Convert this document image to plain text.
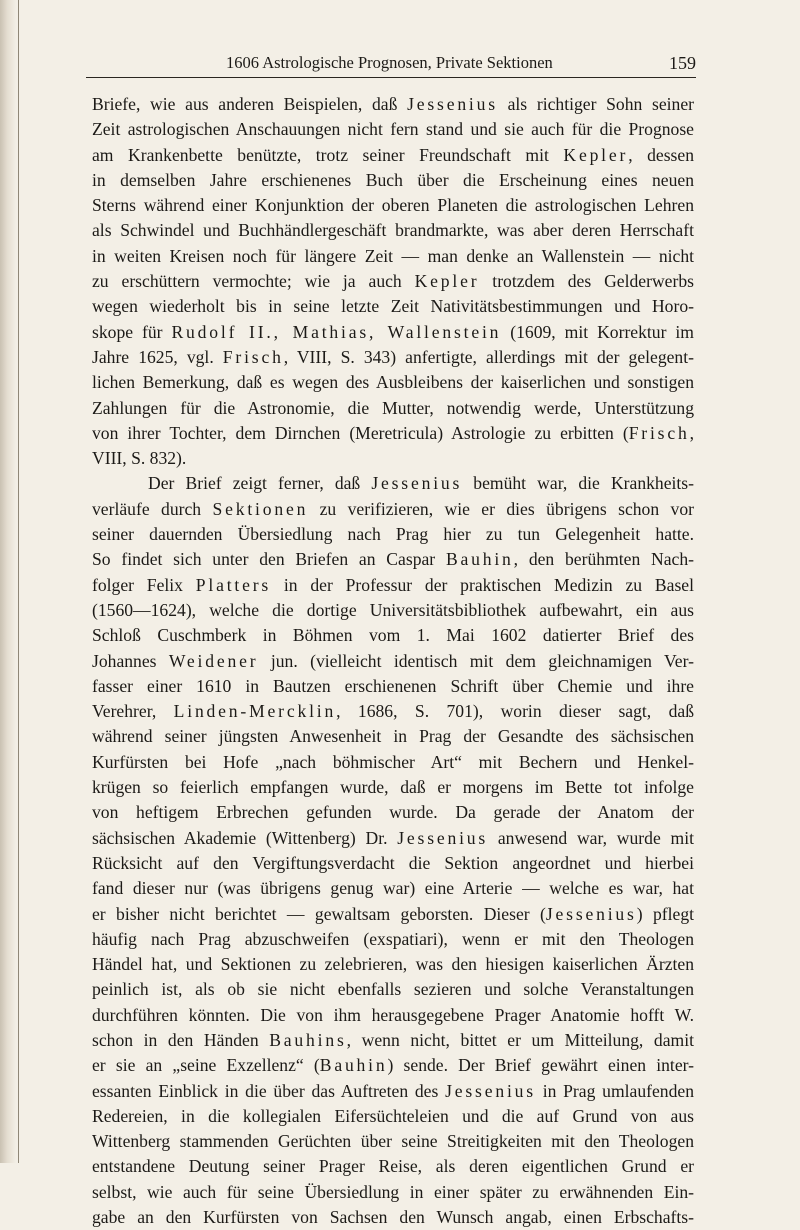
1606 Astrologische Prognosen, Private Sektionen	159
Briefe, wie aus anderen Beispielen, daß Jessenius als richtiger Sohn seiner
Zeit astrologischen Anschauungen nicht fern stand und sie auch für die Prognose
am Krankenbette benützte, trotz seiner Freundschaft mit Kepler, dessen
in demselben Jahre erschienenes Buch über die Erscheinung eines neuen
Sterns während einer Konjunktion der oberen Planeten die astrologischen Lehren
als Schwindel und Buchhändlergeschäft brandmarkte, was aber deren Herrschaft
in weiten Kreisen noch für längere Zeit — man denke an Wallenstein — nicht
zu erschüttern vermochte; wie ja auch Kepler trotzdem des Gelderwerbs
wegen wiederholt bis in seine letzte Zeit Nativitätsbestimmungen und Horo-
skope für Rudolf II., Mathias, Wallenstein (1609, mit Korrektur im
Jahre 1625, vgl. Frisch, VIII, S. 343) anfertigte, allerdings mit der gelegent-
lichen Bemerkung, daß es wegen des Ausbleibens der kaiserlichen und sonstigen
Zahlungen für die Astronomie, die Mutter, notwendig werde, Unterstützung
von ihrer Tochter, dem Dirnchen (Meretricula) Astrologie zu erbitten (Frisch,
VIII, S. 832).
Der Brief zeigt ferner, daß Jessenius bemüht war, die Krankheits-
verläufe durch Sektionen zu verifizieren, wie er dies übrigens schon vor
seiner dauernden Übersiedlung nach Prag hier zu tun Gelegenheit hatte.
So findet sich unter den Briefen an Caspar Bauhin, den berühmten Nach-
folger Felix Platters in der Professur der praktischen Medizin zu Basel
(1560—1624), welche die dortige Universitätsbibliothek aufbewahrt, ein aus
Schloß Cuschmberk in Böhmen vom 1. Mai 1602 datierter Brief des
Johannes Weidener jun. (vielleicht identisch mit dem gleichnamigen Ver-
fasser einer 1610 in Bautzen erschienenen Schrift über Chemie und ihre
Verehrer, Linden-Mercklin, 1686, S. 701), worin dieser sagt, daß
während seiner jüngsten Anwesenheit in Prag der Gesandte des sächsischen
Kurfürsten bei Hofe „nach böhmischer Art“ mit Bechern und Henkel-
krügen so feierlich empfangen wurde, daß er morgens im Bette tot infolge
von heftigem Erbrechen gefunden wurde. Da gerade der Anatom der
sächsischen Akademie (Wittenberg) Dr. Jessenius anwesend war, wurde mit
Rücksicht auf den Vergiftungsverdacht die Sektion angeordnet und hierbei
fand dieser nur (was übrigens genug war) eine Arterie — welche es war, hat
er bisher nicht berichtet — gewaltsam geborsten. Dieser (Jessenius) pflegt
häufig nach Prag abzuschweifen (exspatiari), wenn er mit den Theologen
Händel hat, und Sektionen zu zelebrieren, was den hiesigen kaiserlichen Ärzten
peinlich ist, als ob sie nicht ebenfalls sezieren und solche Veranstaltungen
durchführen könnten. Die von ihm herausgegebene Prager Anatomie hofft W.
schon in den Händen Bauhins, wenn nicht, bittet er um Mitteilung, damit
er sie an „seine Exzellenz“ (Bauhin) sende. Der Brief gewährt einen inter-
essanten Einblick in die über das Auftreten des Jessenius in Prag umlaufenden
Redereien, in die kollegialen Eifersüchteleien und die auf Grund von aus
Wittenberg stammenden Gerüchten über seine Streitigkeiten mit den Theologen
entstandene Deutung seiner Prager Reise, als deren eigentlichen Grund er
selbst, wie auch für seine Übersiedlung in einer später zu erwähnenden Ein-
gabe an den Kurfürsten von Sachsen den Wunsch angab, einen Erbschafts-
